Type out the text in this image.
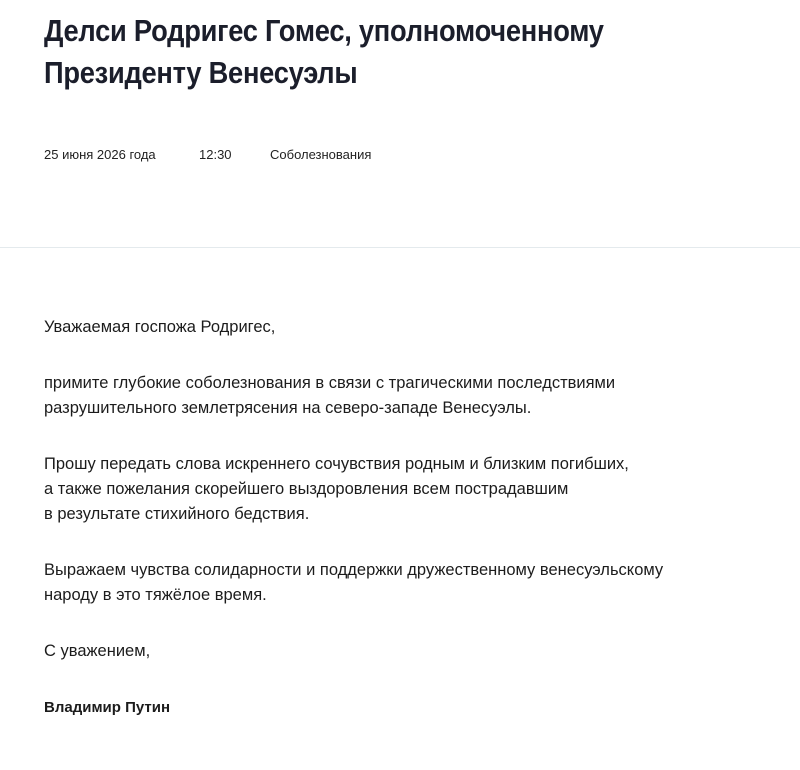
Делси Родригес Гомес, уполномоченному
Президенту Венесуэлы
25 июня 2026 года	12:30	Соболезнования

Уважаемая госпожа Родригес,

примите глубокие соболезнования в связи с трагическими последствиями
разрушительного землетрясения на северо-западе Венесуэлы.

Прошу передать слова искреннего сочувствия родным и близким погибших,
а также пожелания скорейшего выздоровления всем пострадавшим
в результате стихийного бедствия.

Выражаем чувства солидарности и поддержки дружественному венесуэльскому
народу в это тяжёлое время.

С уважением,

Владимир Путин
